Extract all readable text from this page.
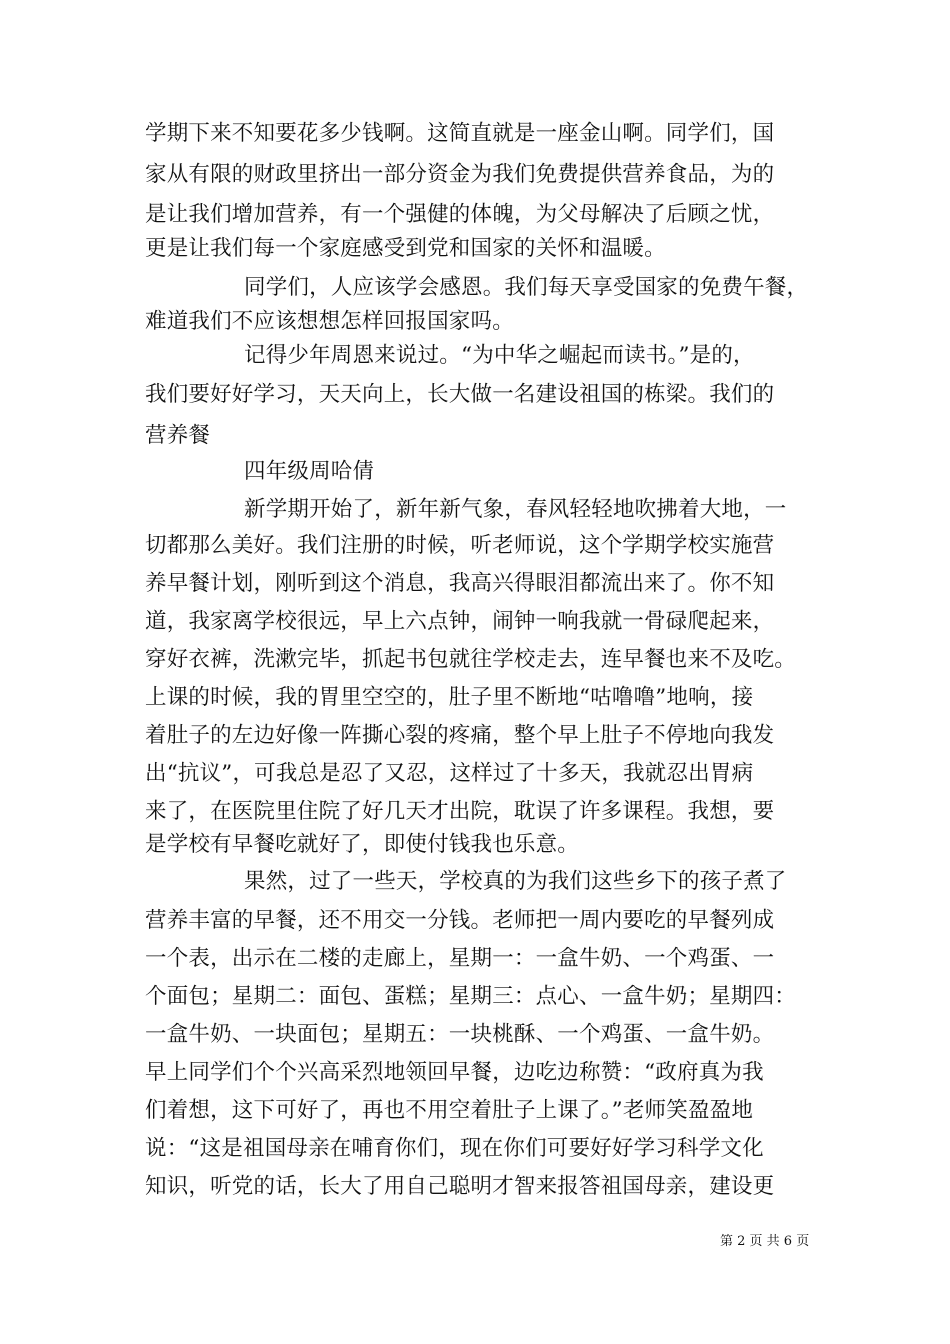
学期下来不知要花多少钱啊。这简直就是一座金山啊。同学们，国
家从有限的财政里挤出一部分资金为我们免费提供营养食品，为的
是让我们增加营养，有一个强健的体魄，为父母解决了后顾之忧，
更是让我们每一个家庭感受到党和国家的关怀和温暖。
同学们，人应该学会感恩。我们每天享受国家的免费午餐，
难道我们不应该想想怎样回报国家吗。
记得少年周恩来说过。“为中华之崛起而读书。”是的，
我们要好好学习，天天向上，长大做一名建设祖国的栋梁。我们的
营养餐
四年级周哈倩
新学期开始了，新年新气象，春风轻轻地吹拂着大地，一
切都那么美好。我们注册的时候，听老师说，这个学期学校实施营
养早餐计划，刚听到这个消息，我高兴得眼泪都流出来了。你不知
道，我家离学校很远，早上六点钟，闹钟一响我就一骨碌爬起来，
穿好衣裤，洗漱完毕，抓起书包就往学校走去，连早餐也来不及吃。
上课的时候，我的胃里空空的，肚子里不断地“咕噜噜”地响，接
着肚子的左边好像一阵撕心裂的疼痛，整个早上肚子不停地向我发
出“抗议”，可我总是忍了又忍，这样过了十多天，我就忍出胃病
来了，在医院里住院了好几天才出院，耽误了许多课程。我想，要
是学校有早餐吃就好了，即使付钱我也乐意。
果然，过了一些天，学校真的为我们这些乡下的孩子煮了
营养丰富的早餐，还不用交一分钱。老师把一周内要吃的早餐列成
一个表，出示在二楼的走廊上，星期一：一盒牛奶、一个鸡蛋、一
个面包；星期二：面包、蛋糕；星期三：点心、一盒牛奶；星期四：
一盒牛奶、一块面包；星期五：一块桃酥、一个鸡蛋、一盒牛奶。
早上同学们个个兴高采烈地领回早餐，边吃边称赞：“政府真为我
们着想，这下可好了，再也不用空着肚子上课了。”老师笑盈盈地
说：“这是祖国母亲在哺育你们，现在你们可要好好学习科学文化
知识，听党的话，长大了用自己聪明才智来报答祖国母亲，建设更
第 2 页 共 6 页
